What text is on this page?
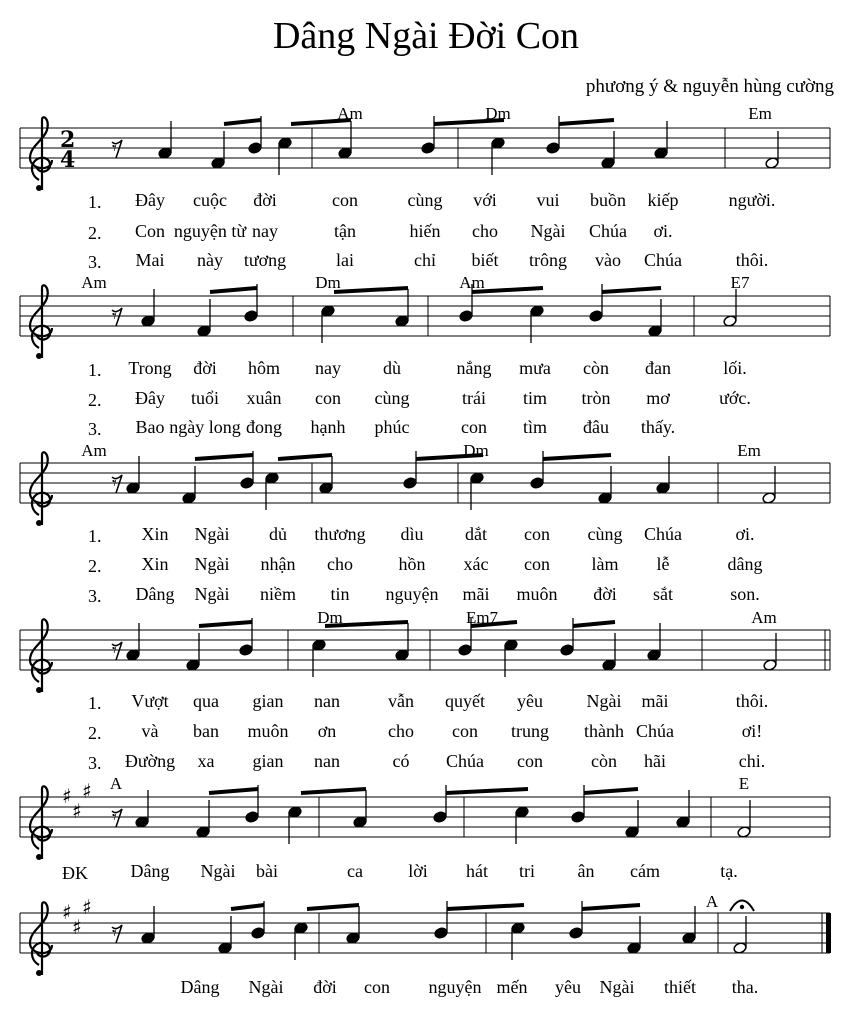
Dâng Ngài Đời Con
phương ý & nguyễn hùng cường
2
4 𝄾
𝄾
𝄾
𝄾
♯
♯
♯
𝄾
♯
♯
♯
𝄾
Am	Dm	Em
1. Đây cuộc đời	con	cùng với vui buồn kiếp	người.
2. Con nguyện từ nay	tận	hiến cho Ngài Chúa ơi.
3. Mai này tương	lai	chỉ biết trông vào Chúa	thôi.
Am	Dm	Am	E7
1. Trong đời hôm nay dù	nắng mưa còn đan	lối.
2. Đây tuổi xuân con cùng	trái tim tròn mơ	ước.
3. Bao ngày long đong hạnh phúc	con tìm đâu thấy.
Am	Dm	Em
1. Xin Ngài dủ thương dìu dắt con cùng Chúa	ơi.
2. Xin Ngài nhận cho	hồn xác con làm lễ	dâng
3. Dâng Ngài niềm tin nguyện mãi muôn đời sắt	son.
Dm	Em7	Am
1. Vượt qua gian nan	vẫn quyết yêu Ngài mãi	thôi.
2. và ban muôn ơn	cho con trung thành Chúa	ơi!
3. Đường xa gian nan	có Chúa con	còn hãi	chi.
A	E
ĐK Dâng Ngài bài	ca	lời hát tri ân cám	tạ.
A
Dâng Ngài đời con nguyện mến yêu Ngài thiết tha.
